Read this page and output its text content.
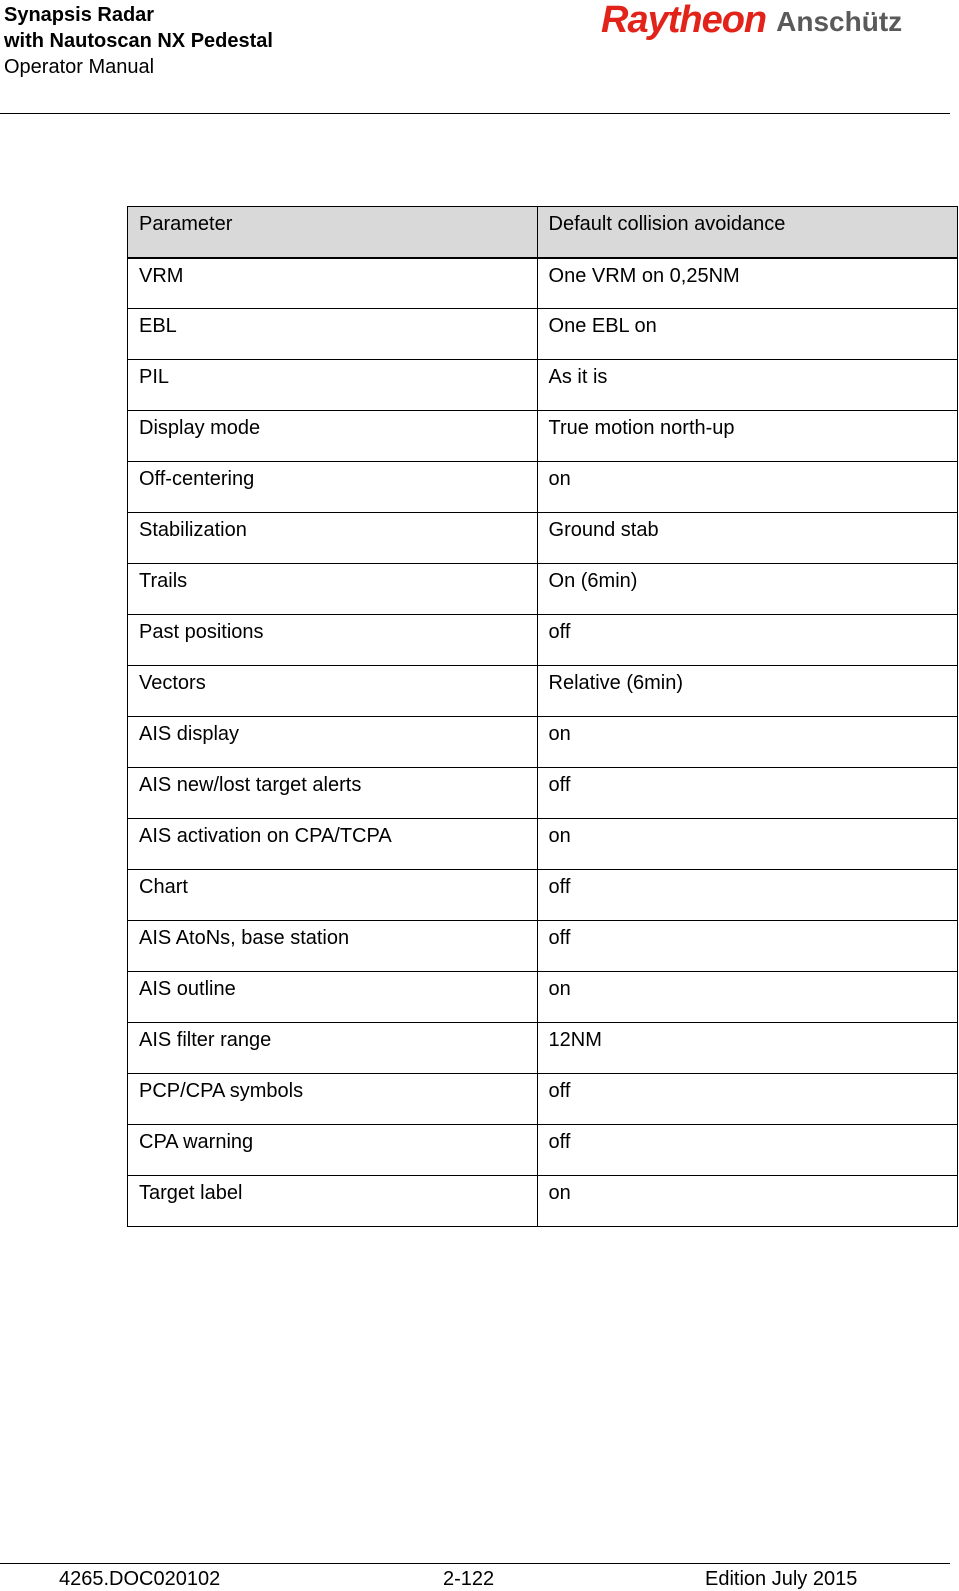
Synapsis Radar
with Nautoscan NX Pedestal
Operator Manual
Raytheon Anschütz
Parameter	Default collision avoidance

VRM	One VRM on 0,25NM

EBL	One EBL on

PIL	As it is

Display mode	True motion north-up

Off-centering	on

Stabilization	Ground stab

Trails	On (6min)

Past positions	off

Vectors	Relative (6min)

AIS display	on

AIS new/lost target alerts	off

AIS activation on CPA/TCPA	on

Chart	off

AIS AtoNs, base station	off

AIS outline	on

AIS filter range	12NM

PCP/CPA symbols	off

CPA warning	off

Target label	on
4265.DOC020102	2-122	Edition July 2015
